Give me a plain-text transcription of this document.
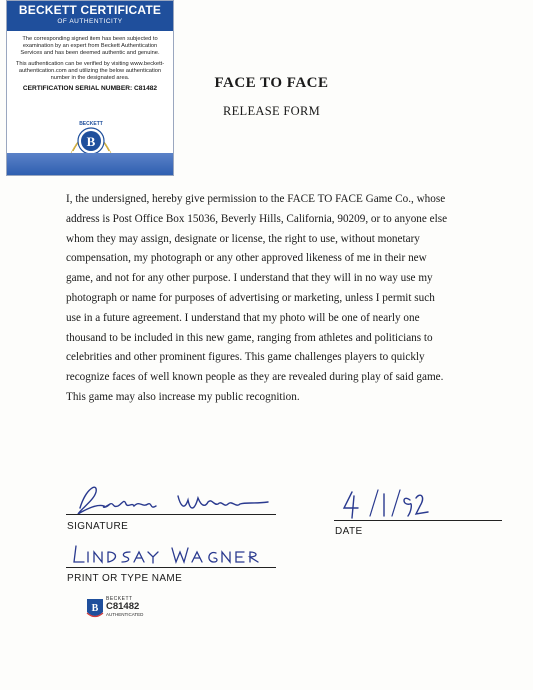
BECKETT CERTIFICATE
OF AUTHENTICITY

The corresponding signed item has been subjected to examination by an expert from Beckett Authentication Services and has been deemed authentic and genuine.

This authentication can be verified by visiting www.beckett-authentication.com and utilizing the below authentication number in the designated area.

CERTIFICATION SERIAL NUMBER: C81482
B
BECKETT
FACE TO FACE
RELEASE FORM
I, the undersigned, hereby give permission to the FACE TO FACE Game Co., whose
address is Post Office Box 15036, Beverly Hills, California, 90209, or to anyone else
whom they may assign, designate or license, the right to use, without monetary
compensation, my photograph or any other approved likeness of me in their new
game, and not for any other purpose. I understand that they will in no way use my
photograph or name for purposes of advertising or marketing, unless I permit such
use in a future agreement. I understand that my photo will be one of nearly one
thousand to be included in this new game, ranging from athletes and politicians to
celebrities and other prominent figures. This game challenges players to quickly
recognize faces of well known people as they are revealed during play of said game.
This game may also increase my public recognition.
SIGNATURE	DATE
PRINT OR TYPE NAME
B
BECKETT
C81482
AUTHENTICATED
